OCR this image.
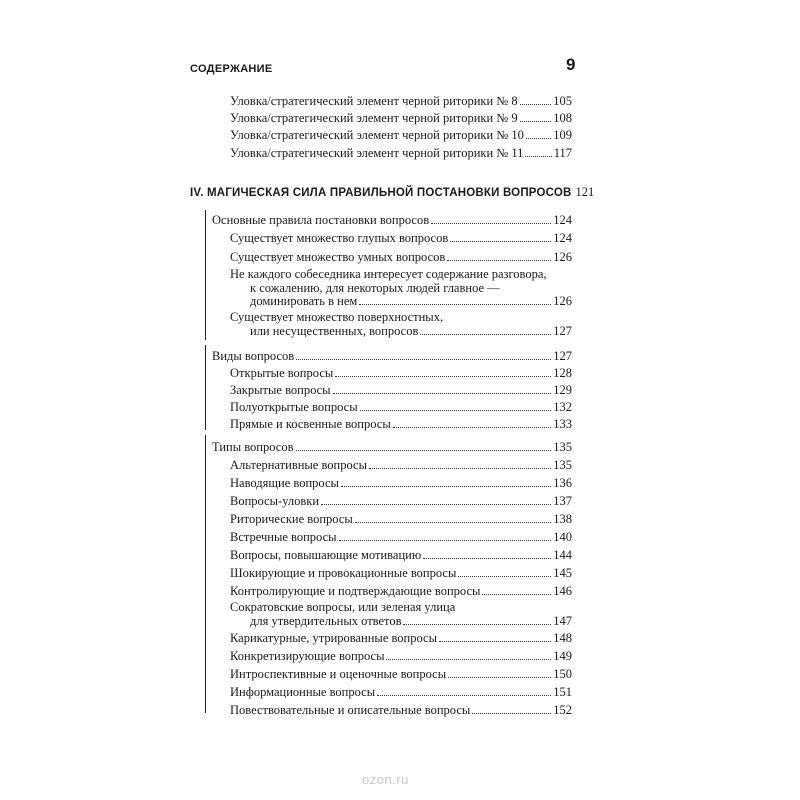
СОДЕРЖАНИЕ	9
Уловка/стратегический элемент черной риторики № 8	105
Уловка/стратегический элемент черной риторики № 9	108
Уловка/стратегический элемент черной риторики № 10 109
Уловка/стратегический элемент черной риторики № 11 117
IV. МАГИЧЕСКАЯ СИЛА ПРАВИЛЬНОЙ ПОСТАНОВКИ ВОПРОСОВ 121
Основные правила постановки вопросов	124
Существует множество глупых вопросов	124
Существует множество умных вопросов	126
Не каждого собеседника интересует содержание разговора,
к сожалению, для некоторых людей главное —
доминировать в нем	126
Существует множество поверхностных,
или несущественных, вопросов	127
Виды вопросов	127
Открытые вопросы	128
Закрытые вопросы	129
Полуоткрытые вопросы	132
Прямые и косвенные вопросы	133
Типы вопросов	135
Альтернативные вопросы	135
Наводящие вопросы	136
Вопросы-уловки	137
Риторические вопросы	138
Встречные вопросы	140
Вопросы, повышающие мотивацию	144
Шокирующие и провокационные вопросы	145
Контролирующие и подтверждающие вопросы	146
Сократовские вопросы, или зеленая улица
для утвердительных ответов	147
Карикатурные, утрированные вопросы	148
Конкретизирующие вопросы	149
Интроспективные и оценочные вопросы	150
Информационные вопросы	151
Повествовательные и описательные вопросы	152
ozon.ru
